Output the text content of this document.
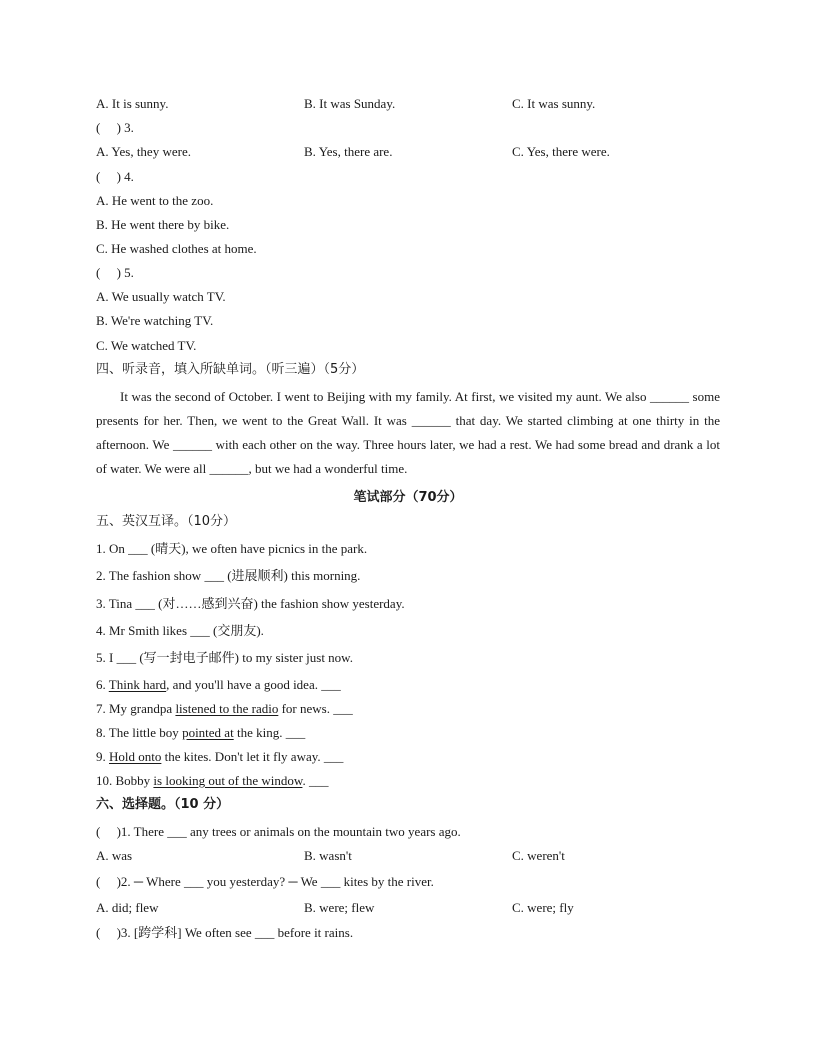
A. It is sunny.	B. It was Sunday.	C. It was sunny.
(　 ) 3.
A. Yes, they were.	B. Yes, there are.	C. Yes, there were.
(　 ) 4.
A. He went to the zoo.
B. He went there by bike.
C. He washed clothes at home.
(　 ) 5.
A. We usually watch TV.
B. We're watching TV.
C. We watched TV.
四、听录音，填入所缺单词。（听三遍）（5分）
It was the second of October. I went to Beijing with my family. At first, we visited my aunt. We also ______ some presents for her. Then, we went to the Great Wall. It was ______ that day. We started climbing at one thirty in the afternoon. We ______ with each other on the way. Three hours later, we had a rest. We had some bread and drank a lot of water. We were all ______, but we had a wonderful time.
笔试部分（70分）
五、英汉互译。（10分）
1. On ___ (晴天), we often have picnics in the park.
2. The fashion show ___ (进展顺利) this morning.
3. Tina ___ (对……感到兴奋) the fashion show yesterday.
4. Mr Smith likes ___ (交朋友).
5. I ___ (写一封电子邮件) to my sister just now.
6. Think hard, and you'll have a good idea. ___
7. My grandpa listened to the radio for news. ___
8. The little boy pointed at the king. ___
9. Hold onto the kites. Don't let it fly away. ___
10. Bobby is looking out of the window. ___
六、选择题。（10 分）
(　 )1. There ___ any trees or animals on the mountain two years ago.
A. was	B. wasn't	C. weren't
(　 )2. ─ Where ___ you yesterday? ─ We ___ kites by the river.
A. did; flew	B. were; flew	C. were; fly
(　 )3. [跨学科] We often see ___ before it rains.
